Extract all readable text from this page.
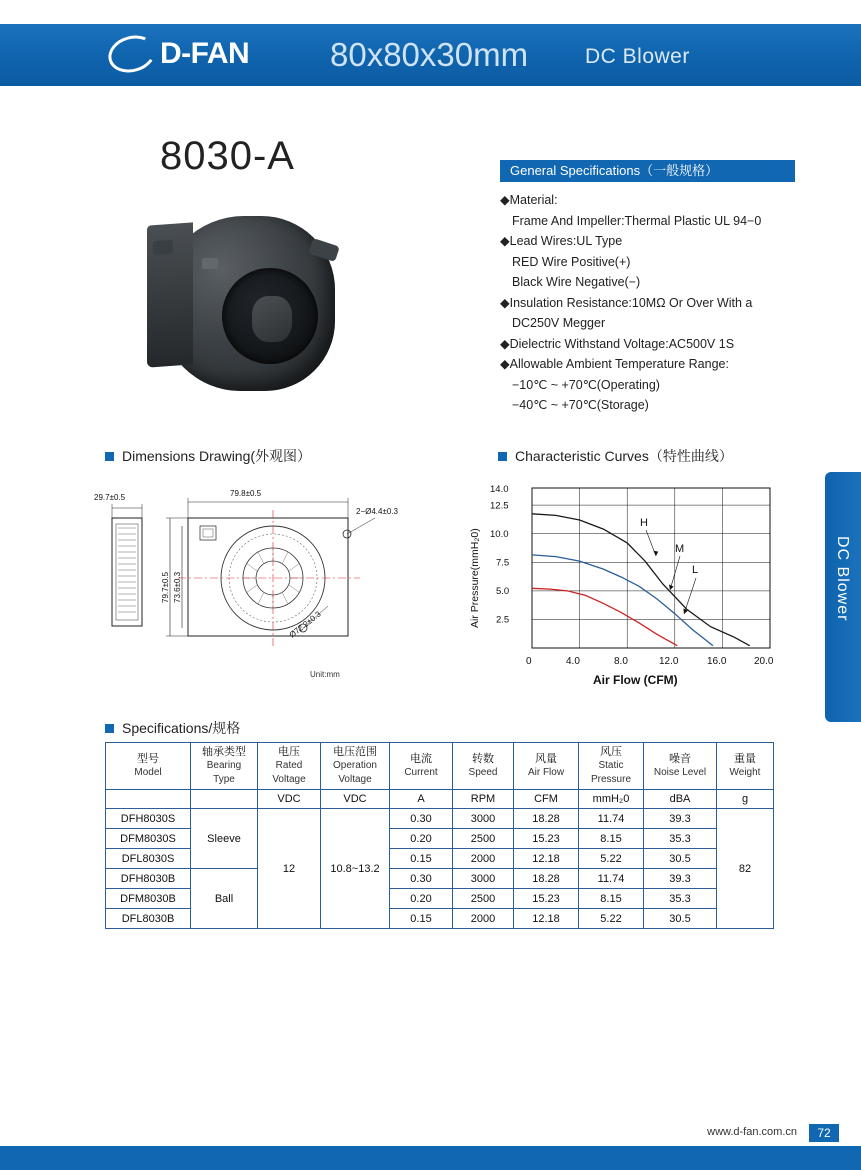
D-FAN 80x80x30mm	DC Blower
DC Blower
8030-A	General Specifications（一般规格）
◆Material:
Frame And Impeller:Thermal Plastic UL 94−0
◆Lead Wires:UL Type
RED Wire Positive(+)
Black Wire Negative(−)
◆Insulation Resistance:10MΩ Or Over With a
DC250V Megger
◆Dielectric Withstand Voltage:AC500V 1S
◆Allowable Ambient Temperature Range:
−10℃ ~ +70℃(Operating)
−40℃ ~ +70℃(Storage)
Dimensions Drawing(外观图）	Characteristic Curves（特性曲线）
Specifications/规格
29.7±0.5	79.8±0.5
2−Ø4.4±0.3
79.7±0.5 73.6±0.3
Ø72.2±0.3
Unit:mm
H
M
L
14.0
12.5
10.0
7.5
5.0
2.5
0	4.0	8.0	12.0	16.0	20.0
Air Pressure(mmH₂0)
Air Flow (CFM)
型号
Model

轴承类型
Bearing
Type

电压
Rated
Voltage

电压范围
Operation
Voltage

电流
Current

转数
Speed

风量
Air Flow

风压
Static
Pressure

噪音
Noise Level

重量
Weight

		VDC	VDC	A	RPM	CFM	mmH₂0	dBA	g
DFH8030S	Sleeve	12	10.8~13.2	0.30	3000	18.28	11.74	39.3	82
DFM8030S				0.20	2500	15.23	8.15	35.3	
DFL8030S				0.15	2000	12.18	5.22	30.5	
DFH8030B	Ball			0.30	3000	18.28	11.74	39.3	
DFM8030B				0.20	2500	15.23	8.15	35.3	
DFL8030B				0.15	2000	12.18	5.22	30.5	
www.d-fan.com.cn	72
